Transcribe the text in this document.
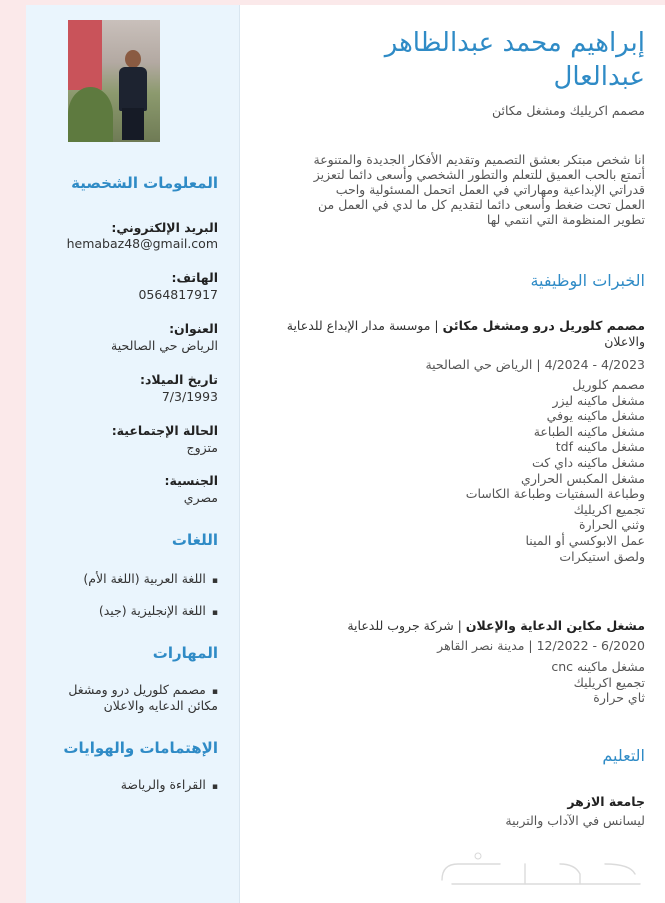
المعلومات الشخصية
البريد الإلكتروني:
hemabaz48@gmail.com
الهاتف:
0564817917
العنوان:
الرياض حي الصالحية
تاريخ الميلاد:
7/3/1993
الحالة الإجتماعية:
متزوج
الجنسية:
مصري
اللغات
▪ اللغة العربية (اللغة الأم)
▪ اللغة الإنجليزية (جيد)
المهارات
▪ مصمم كلوريل درو ومشغل
مكائن الدعايه والاعلان
الإهتمامات والهوايات
▪ القراءة والرياضة
إبراهيم محمد عبدالظاهر
عبدالعال
مصمم اكريليك ومشغل مكائن
انا شخص مبتكر بعشق التصميم وتقديم الأفكار الجديدة والمتنوعة
أتمتع بالحب العميق للتعلم والتطور الشخصي وأسعى دائما لتعزيز
قدراتي الإبداعية ومهاراتي في العمل اتحمل المسئولية واحب
العمل تحت ضغط وأسعى دائما لتقديم كل ما لدي في العمل من
تطوير المنظومة التي انتمي لها
الخبرات الوظيفية
مصمم كلوريل درو ومشغل مكائن | موسسة مدار الإبداع للدعاية والاعلان
4/2023 - 4/2024 | الرياض حي الصالحية
مصمم كلوريل
مشغل ماكينه ليزر
مشغل ماكينه يوفي
مشغل ماكينه الطباعة
مشغل ماكينه tdf
مشغل ماكينه داي كت
مشغل المكبس الحراري
وطباعة السفتيات وطباعة الكاسات
تجميع اكريليك
وثني الحرارة
عمل الابوكسي أو المينا
ولصق استيكرات
مشغل مكاين الدعاية والإعلان | شركة جروب للدعاية
6/2020 - 12/2022 | مدينة نصر القاهر
مشغل ماكينه cnc
تجميع اكريليك
ثاي حرارة
التعليم
جامعة الازهر
ليسانس في الآداب والتربية
